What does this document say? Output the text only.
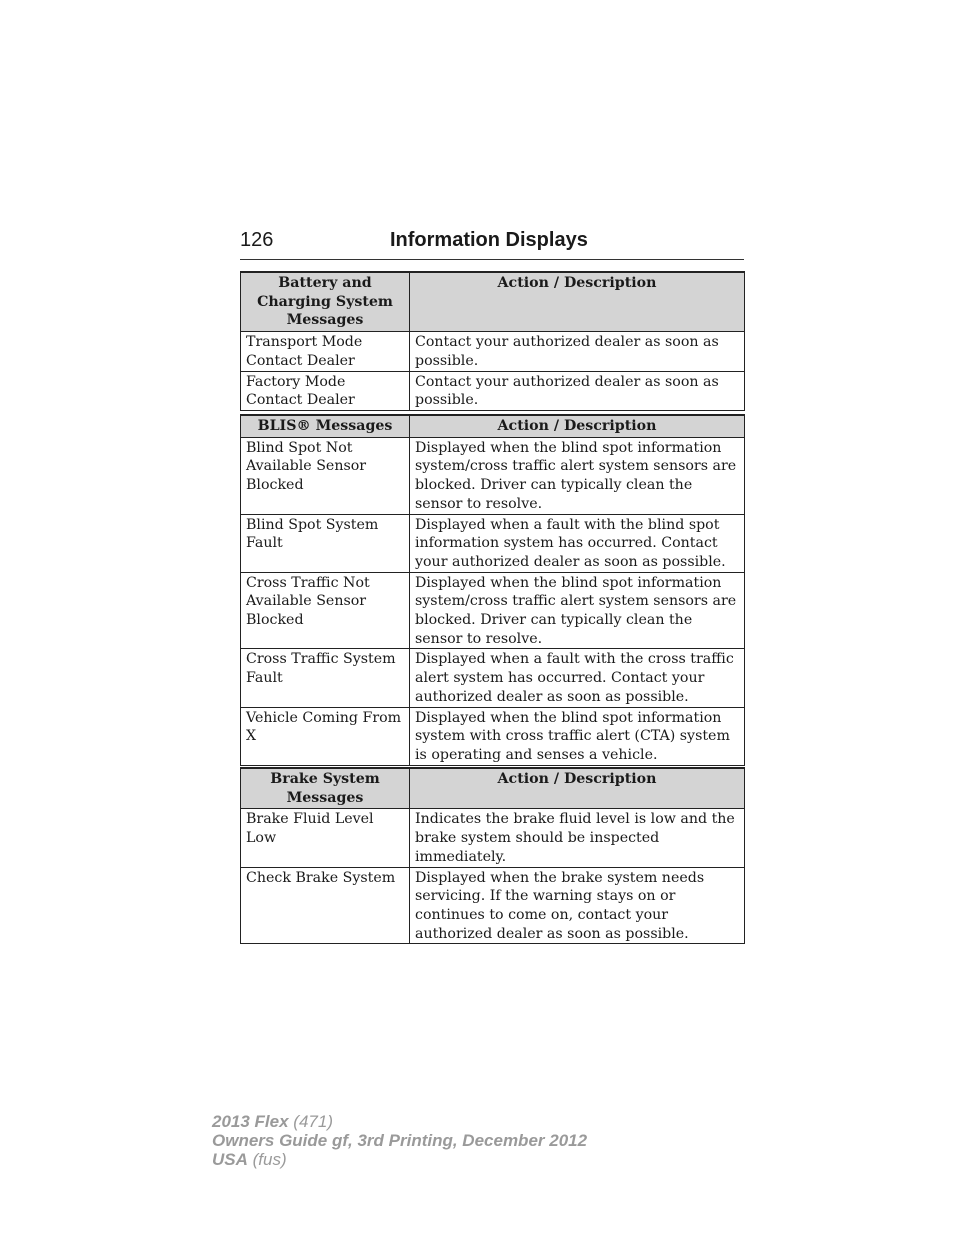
126	Information Displays
Battery and Charging System Messages	Action / Description
Transport Mode Contact Dealer	Contact your authorized dealer as soon as possible.
Factory Mode Contact Dealer	Contact your authorized dealer as soon as possible.
BLIS® Messages	Action / Description
Blind Spot Not Available Sensor Blocked	Displayed when the blind spot information system/cross traffic alert system sensors are blocked. Driver can typically clean the sensor to resolve.
Blind Spot System Fault	Displayed when a fault with the blind spot information system has occurred. Contact your authorized dealer as soon as possible.
Cross Traffic Not Available Sensor Blocked	Displayed when the blind spot information system/cross traffic alert system sensors are blocked. Driver can typically clean the sensor to resolve.
Cross Traffic System Fault	Displayed when a fault with the cross traffic alert system has occurred. Contact your authorized dealer as soon as possible.
Vehicle Coming From X	Displayed when the blind spot information system with cross traffic alert (CTA) system is operating and senses a vehicle.
Brake System Messages	Action / Description
Brake Fluid Level Low	Indicates the brake fluid level is low and the brake system should be inspected immediately.
Check Brake System	Displayed when the brake system needs servicing. If the warning stays on or continues to come on, contact your authorized dealer as soon as possible.
2013 Flex (471)
Owners Guide gf, 3rd Printing, December 2012
USA (fus)
